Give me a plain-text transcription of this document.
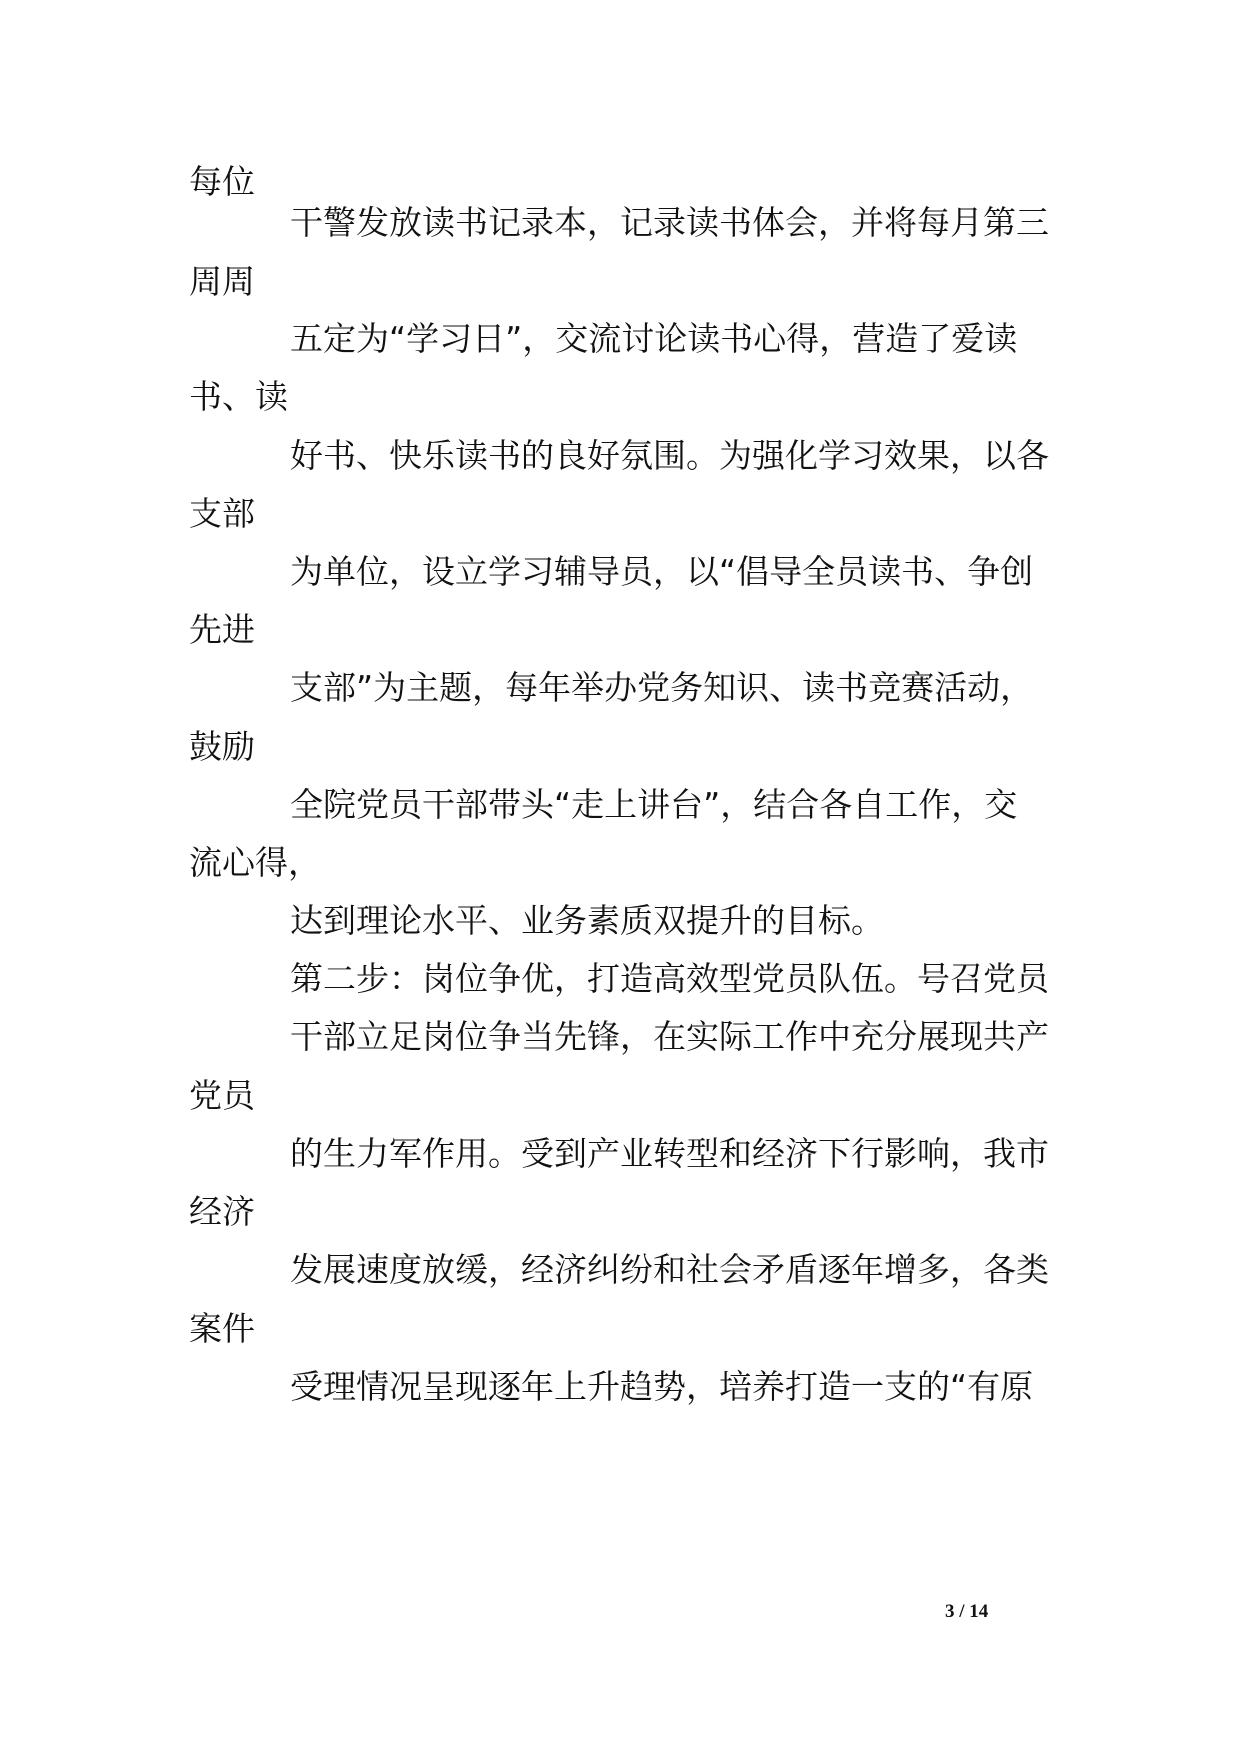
每位
干警发放读书记录本，记录读书体会，并将每月第三
周周
五定为“学习日”，交流讨论读书心得，营造了爱读
书、读
好书、快乐读书的良好氛围。为强化学习效果，以各
支部
为单位，设立学习辅导员，以“倡导全员读书、争创
先进
支部”为主题，每年举办党务知识、读书竞赛活动，
鼓励
全院党员干部带头“走上讲台”，结合各自工作，交
流心得，
达到理论水平、业务素质双提升的目标。
第二步：岗位争优，打造高效型党员队伍。号召党员
干部立足岗位争当先锋，在实际工作中充分展现共产
党员
的生力军作用。受到产业转型和经济下行影响，我市
经济
发展速度放缓，经济纠纷和社会矛盾逐年增多，各类
案件
受理情况呈现逐年上升趋势，培养打造一支的“有原
3 / 14
